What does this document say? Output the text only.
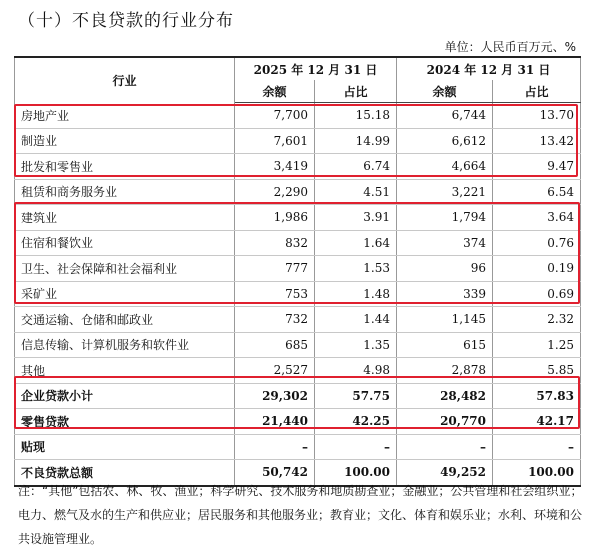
（十）不良贷款的行业分布
单位：人民币百万元、%
行业	2025 年 12 月 31 日		2024 年 12 月 31 日	
	余额	占比	余额	占比
房地产业	7,700	15.18	6,744	13.70
制造业	7,601	14.99	6,612	13.42
批发和零售业	3,419	6.74	4,664	9.47
租赁和商务服务业	2,290	4.51	3,221	6.54
建筑业	1,986	3.91	1,794	3.64
住宿和餐饮业	832	1.64	374	0.76
卫生、社会保障和社会福利业	777	1.53	96	0.19
采矿业	753	1.48	339	0.69
交通运输、仓储和邮政业	732	1.44	1,145	2.32
信息传输、计算机服务和软件业	685	1.35	615	1.25
其他	2,527	4.98	2,878	5.85
企业贷款小计	29,302	57.75	28,482	57.83
零售贷款	21,440	42.25	20,770	42.17
贴现	–	–	–	–
不良贷款总额	50,742	100.00	49,252	100.00
注：“其他”包括农、林、牧、渔业；科学研究、技术服务和地质勘查业；金融业；公共管理和社会组织业；电力、燃气及水的生产和供应业；居民服务和其他服务业；教育业；文化、体育和娱乐业；水利、环境和公共设施管理业。
